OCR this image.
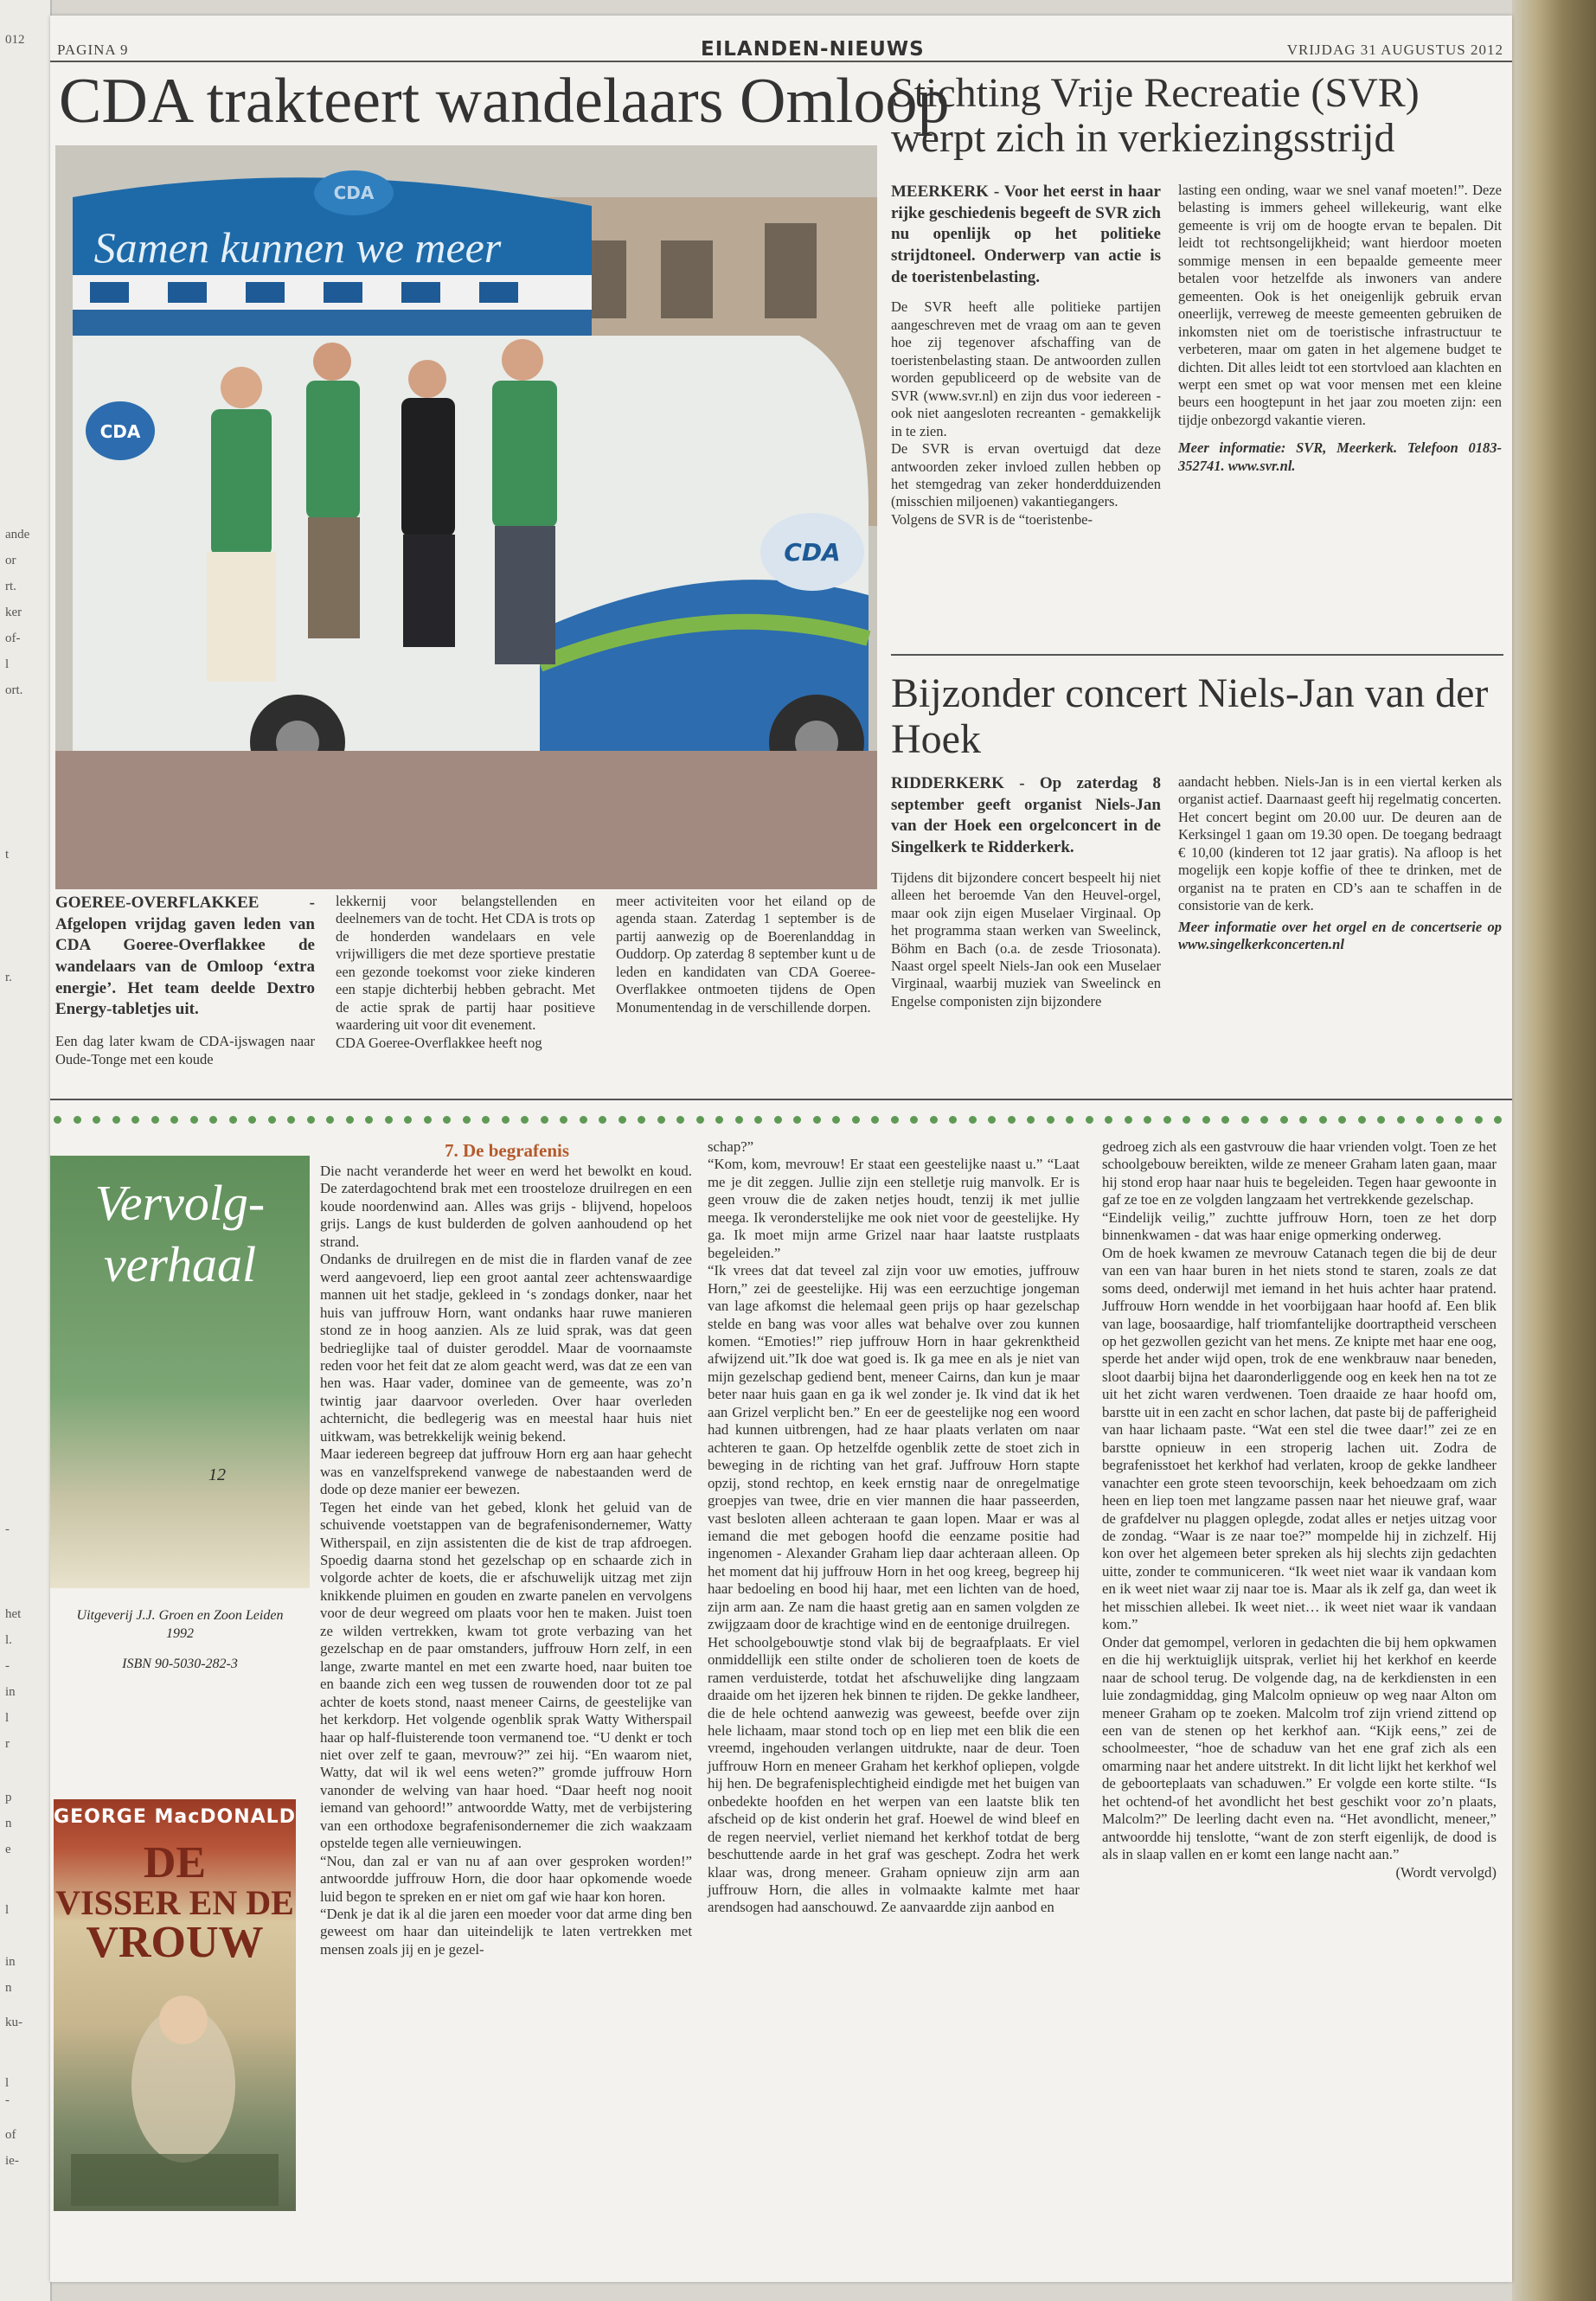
012
ande
or
rt.
ker
of-
l
ort.
t
r.
-
het
l.
-
in
l
r
p
n
e
l
in
n
ku-
l
-
of
ie-
PAGINA 9	EILANDEN-NIEUWS	VRIJDAG 31 AUGUSTUS 2012
CDA trakteert wandelaars Omloop
CDA
Samen kunnen we meer
CDA
CDA

GOEREE-OVERFLAKKEE - Afgelopen vrijdag gaven leden van CDA Goeree-Overflakkee de wandelaars van de Omloop ‘extra energie’. Het team deelde Dextro Energy-tabletjes uit.

Een dag later kwam de CDA-ijswagen naar Oude-Tonge met een koude

lekkernij voor belangstellenden en deelnemers van de tocht. Het CDA is trots op de honderden wandelaars en vele vrijwilligers die met deze sportieve prestatie een gezonde toekomst voor zieke kinderen een stapje dichterbij hebben gebracht. Met de actie sprak de partij haar positieve waardering uit voor dit evenement.
CDA Goeree-Overflakkee heeft nog
meer activiteiten voor het eiland op de agenda staan. Zaterdag 1 september is de partij aanwezig op de Boerenlanddag in Ouddorp. Op zaterdag 8 september kunt u de leden en kandidaten van CDA Goeree-Overflakkee ontmoeten tijdens de Open Monumentendag in de verschillende dorpen.
Stichting Vrije Recreatie (SVR) werpt zich in verkiezingsstrijd

MEERKERK - Voor het eerst in haar rijke geschiedenis begeeft de SVR zich nu openlijk op het politieke strijdtoneel. Onderwerp van actie is de toeristenbelasting.

De SVR heeft alle politieke partijen aangeschreven met de vraag om aan te geven hoe zij tegenover afschaffing van de toeristenbelasting staan. De antwoorden zullen worden gepubliceerd op de website van de SVR (www.svr.nl) en zijn dus voor iedereen - ook niet aangesloten recreanten - gemakkelijk in te zien.
De SVR is ervan overtuigd dat deze antwoorden zeker invloed zullen hebben op het stemgedrag van zeker honderdduizenden (misschien miljoenen) vakantiegangers.
Volgens de SVR is de “toeristenbe-

lasting een onding, waar we snel vanaf moeten!”. Deze belasting is immers geheel willekeurig, want elke gemeente is vrij om de hoogte ervan te bepalen. Dit leidt tot rechtsongelijkheid; want hierdoor moeten sommige mensen in een bepaalde gemeente meer betalen voor hetzelfde als inwoners van andere gemeenten. Ook is het oneigenlijk gebruik ervan oneerlijk, verreweg de meeste gemeenten gebruiken de inkomsten niet om de toeristische infrastructuur te verbeteren, maar om gaten in het algemene budget te dichten. Dit alles leidt tot een stortvloed aan klachten en werpt een smet op wat voor mensen met een kleine beurs een hoogtepunt in het jaar zou moeten zijn: een tijdje onbezorgd vakantie vieren.

Meer informatie: SVR, Meerkerk. Telefoon 0183-352741. www.svr.nl.

Bijzonder concert Niels-Jan van der Hoek

RIDDERKERK - Op zaterdag 8 september geeft organist Niels-Jan van der Hoek een orgelconcert in de Singelkerk te Ridderkerk.

Tijdens dit bijzondere concert bespeelt hij niet alleen het beroemde Van den Heuvel-orgel, maar ook zijn eigen Muselaer Virginaal. Op het programma staan werken van Sweelinck, Böhm en Bach (o.a. de zesde Triosonata). Naast orgel speelt Niels-Jan ook een Muselaer Virginaal, waarbij muziek van Sweelinck en Engelse componisten zijn bijzondere

aandacht hebben. Niels-Jan is in een viertal kerken als organist actief. Daarnaast geeft hij regelmatig concerten.
Het concert begint om 20.00 uur. De deuren aan de Kerksingel 1 gaan om 19.30 open. De toegang bedraagt € 10,00 (kinderen tot 12 jaar gratis). Na afloop is het mogelijk een kopje koffie of thee te drinken, met de organist na te praten en CD’s aan te schaffen in de consistorie van de kerk.

Meer informatie over het orgel en de concertserie op www.singelkerkconcerten.nl

Vervolg-
verhaal
12
Uitgeverij J.J. Groen en Zoon Leiden
1992
ISBN 90-5030-282-3
GEORGE MacDONALD
DE
VISSER EN DE
VROUW
7. De begrafenis
Die nacht veranderde het weer en werd het bewolkt en koud. De zaterdagochtend brak met een troosteloze druilregen en een koude noordenwind aan. Alles was grijs - blijvend, hopeloos grijs. Langs de kust bulderden de golven aanhoudend op het strand.
Ondanks de druilregen en de mist die in flarden vanaf de zee werd aangevoerd, liep een groot aantal zeer achtenswaardige mannen uit het stadje, gekleed in ‘s zondags donker, naar het huis van juffrouw Horn, want ondanks haar ruwe manieren stond ze in hoog aanzien. Als ze luid sprak, was dat geen bedrieglijke taal of duister geroddel. Maar de voornaamste reden voor het feit dat ze alom geacht werd, was dat ze een van hen was. Haar vader, dominee van de gemeente, was zo’n twintig jaar daarvoor overleden. Over haar overleden achternicht, die bedlegerig was en meestal haar huis niet uitkwam, was betrekkelijk weinig bekend.
Maar iedereen begreep dat juffrouw Horn erg aan haar gehecht was en vanzelfsprekend vanwege de nabestaanden werd de dode op deze manier eer bewezen.
Tegen het einde van het gebed, klonk het geluid van de schuivende voetstappen van de begrafenisondernemer, Watty Witherspail, en zijn assistenten die de kist de trap afdroegen. Spoedig daarna stond het gezelschap op en schaarde zich in volgorde achter de koets, die er afschuwelijk uitzag met zijn knikkende pluimen en gouden en zwarte panelen en vervolgens voor de deur wegreed om plaats voor hen te maken. Juist toen ze wilden vertrekken, kwam tot grote verbazing van het gezelschap en de paar omstanders, juffrouw Horn zelf, in een lange, zwarte mantel en met een zwarte hoed, naar buiten toe en baande zich een weg tussen de rouwenden door tot ze pal achter de koets stond, naast meneer Cairns, de geestelijke van het kerkdorp. Het volgende ogenblik sprak Watty Witherspail haar op half-fluisterende toon vermanend toe. “U denkt er toch niet over zelf te gaan, mevrouw?” zei hij. “En waarom niet, Watty, dat wil ik wel eens weten?” gromde juffrouw Horn vanonder de welving van haar hoed. “Daar heeft nog nooit iemand van gehoord!” antwoordde Watty, met de verbijstering van een orthodoxe begrafenisondernemer die zich waakzaam opstelde tegen alle vernieuwingen.
“Nou, dan zal er van nu af aan over gesproken worden!” antwoordde juffrouw Horn, die door haar opkomende woede luid begon te spreken en er niet om gaf wie haar kon horen.
“Denk je dat ik al die jaren een moeder voor dat arme ding ben geweest om haar dan uiteindelijk te laten vertrekken met mensen zoals jij en je gezel-
schap?”
“Kom, kom, mevrouw! Er staat een geestelijke naast u.” “Laat me je dit zeggen. Jullie zijn een stelletje ruig manvolk. Er is geen vrouw die de zaken netjes houdt, tenzij ik met jullie meega. Ik veronderstelijke me ook niet voor de geestelijke. Hy ga. Ik moet mijn arme Grizel naar haar laatste rustplaats begeleiden.”
“Ik vrees dat dat teveel zal zijn voor uw emoties, juffrouw Horn,” zei de geestelijke. Hij was een eerzuchtige jongeman van lage afkomst die helemaal geen prijs op haar gezelschap stelde en bang was voor alles wat behalve over zou kunnen komen. “Emoties!” riep juffrouw Horn in haar gekrenktheid afwijzend uit.”Ik doe wat goed is. Ik ga mee en als je niet van mijn gezelschap gediend bent, meneer Cairns, dan kun je maar beter naar huis gaan en ga ik wel zonder je. Ik vind dat ik het aan Grizel verplicht ben.” En eer de geestelijke nog een woord had kunnen uitbrengen, had ze haar plaats verlaten om naar achteren te gaan. Op hetzelfde ogenblik zette de stoet zich in beweging in de richting van het graf. Juffrouw Horn stapte opzij, stond rechtop, en keek ernstig naar de onregelmatige groepjes van twee, drie en vier mannen die haar passeerden, vast besloten alleen achteraan te gaan lopen. Maar er was al iemand die met gebogen hoofd die eenzame positie had ingenomen - Alexander Graham liep daar achteraan alleen. Op het moment dat hij juffrouw Horn in het oog kreeg, begreep hij haar bedoeling en bood hij haar, met een lichten van de hoed, zijn arm aan. Ze nam die haast gretig aan en samen volgden ze zwijgzaam door de krachtige wind en de eentonige druilregen.
Het schoolgebouwtje stond vlak bij de begraafplaats. Er viel onmiddellijk een stilte onder de scholieren toen de koets de ramen verduisterde, totdat het afschuwelijke ding langzaam draaide om het ijzeren hek binnen te rijden. De gekke landheer, die de hele ochtend aanwezig was geweest, beefde over zijn hele lichaam, maar stond toch op en liep met een blik die een vreemd, ingehouden verlangen uitdrukte, naar de deur. Toen juffrouw Horn en meneer Graham het kerkhof opliepen, volgde hij hen. De begrafenisplechtigheid eindigde met het buigen van onbedekte hoofden en het werpen van een laatste blik ten afscheid op de kist onderin het graf. Hoewel de wind bleef en de regen neerviel, verliet niemand het kerkhof totdat de berg beschuttende aarde in het graf was geschept. Zodra het werk klaar was, drong meneer. Graham opnieuw zijn arm aan juffrouw Horn, die alles in volmaakte kalmte met haar arendsogen had aanschouwd. Ze aanvaardde zijn aanbod en
gedroeg zich als een gastvrouw die haar vrienden volgt. Toen ze het schoolgebouw bereikten, wilde ze meneer Graham laten gaan, maar hij stond erop haar naar huis te begeleiden. Tegen haar gewoonte in gaf ze toe en ze volgden langzaam het vertrekkende gezelschap.
“Eindelijk veilig,” zuchtte juffrouw Horn, toen ze het dorp binnenkwamen - dat was haar enige opmerking onderweg.
Om de hoek kwamen ze mevrouw Catanach tegen die bij de deur van een van haar buren in het niets stond te staren, zoals ze dat soms deed, onderwijl met iemand in het huis achter haar pratend. Juffrouw Horn wendde in het voorbijgaan haar hoofd af. Een blik van lage, boosaardige, half triomfantelijke doortraptheid verscheen op het gezwollen gezicht van het mens. Ze knipte met haar ene oog, sperde het ander wijd open, trok de ene wenkbrauw naar beneden, sloot daarbij bijna het daaronderliggende oog en keek hen na tot ze uit het zicht waren verdwenen. Toen draaide ze haar hoofd om, barstte uit in een zacht en schor lachen, dat paste bij de pafferigheid van haar lichaam paste. “Wat een stel die twee daar!” zei ze en barstte opnieuw in een stroperig lachen uit. Zodra de begrafenisstoet het kerkhof had verlaten, kroop de gekke landheer vanachter een grote steen tevoorschijn, keek behoedzaam om zich heen en liep toen met langzame passen naar het nieuwe graf, waar de grafdelver nu plaggen oplegde, zodat alles er netjes uitzag voor de zondag. “Waar is ze naar toe?” mompelde hij in zichzelf. Hij kon over het algemeen beter spreken als hij slechts zijn gedachten uitte, zonder te communiceren. “Ik weet niet waar ik vandaan kom en ik weet niet waar zij naar toe is. Maar als ik zelf ga, dan weet ik het misschien allebei. Ik weet niet… ik weet niet waar ik vandaan kom.”
Onder dat gemompel, verloren in gedachten die bij hem opkwamen en die hij werktuiglijk uitsprak, verliet hij het kerkhof en keerde naar de school terug. De volgende dag, na de kerkdiensten in een luie zondagmiddag, ging Malcolm opnieuw op weg naar Alton om meneer Graham op te zoeken. Malcolm trof zijn vriend zittend op een van de stenen op het kerkhof aan. “Kijk eens,” zei de schoolmeester, “hoe de schaduw van het ene graf zich als een omarming naar het andere uitstrekt. In dit licht lijkt het kerkhof wel de geboorteplaats van schaduwen.” Er volgde een korte stilte. “Is het ochtend-of het avondlicht het best geschikt voor zo’n plaats, Malcolm?” De leerling dacht even na. “Het avondlicht, meneer,” antwoordde hij tenslotte, “want de zon sterft eigenlijk, de dood is als in slaap vallen en er komt een lange nacht aan.”
(Wordt vervolgd)
